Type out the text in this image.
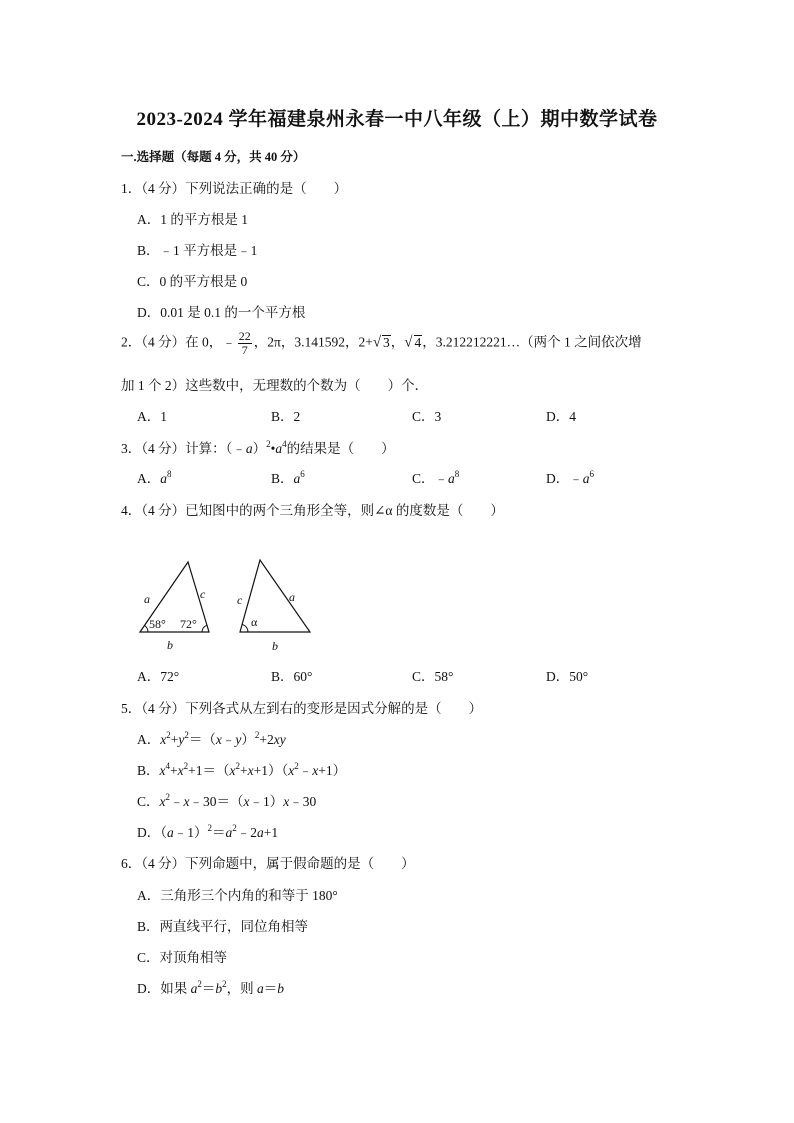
2023-2024 学年福建泉州永春一中八年级（上）期中数学试卷
一.选择题（每题 4 分，共 40 分）
1．（4 分）下列说法正确的是（　　）
A．1 的平方根是 1
B．﹣1 平方根是﹣1
C．0 的平方根是 0
D．0.01 是 0.1 的一个平方根
2．（4 分）在 0，﹣ $\frac{22}{7}$ ，2π，3.141592，2+√ 3，√ 4，3.212212221…（两个 1 之间依次增
加 1 个 2）这些数中，无理数的个数为（　　）个．
A．1	B．2	C．3	D．4
3．（4 分）计算：$(﹣a)^2•a^4$的结果是（　　）
A．$a^8$	B．$a^6$	C．$﹣a^8$	D．$﹣a^6$
4．（4 分）已知图中的两个三角形全等，则∠α 的度数是（　　）
a	c
b
58° 72°
c	a
b
α
A．72°	B．60°	C．58°	D．50°
5．（4 分）下列各式从左到右的变形是因式分解的是（　　）
A．$x^2+y^2=(x﹣y)^2+2xy$
B．$x^4+x^2+1=(x^2+x+1)(x^2﹣x+1)$
C．$x^2﹣x﹣30=(x﹣1)x﹣30$
D．$(a﹣1)^2=a^2﹣2a+1$
6．（4 分）下列命题中，属于假命题的是（　　）
A．三角形三个内角的和等于 180°
B．两直线平行，同位角相等
C．对顶角相等
D．如果 $a^2=b^2$，则 a＝b
